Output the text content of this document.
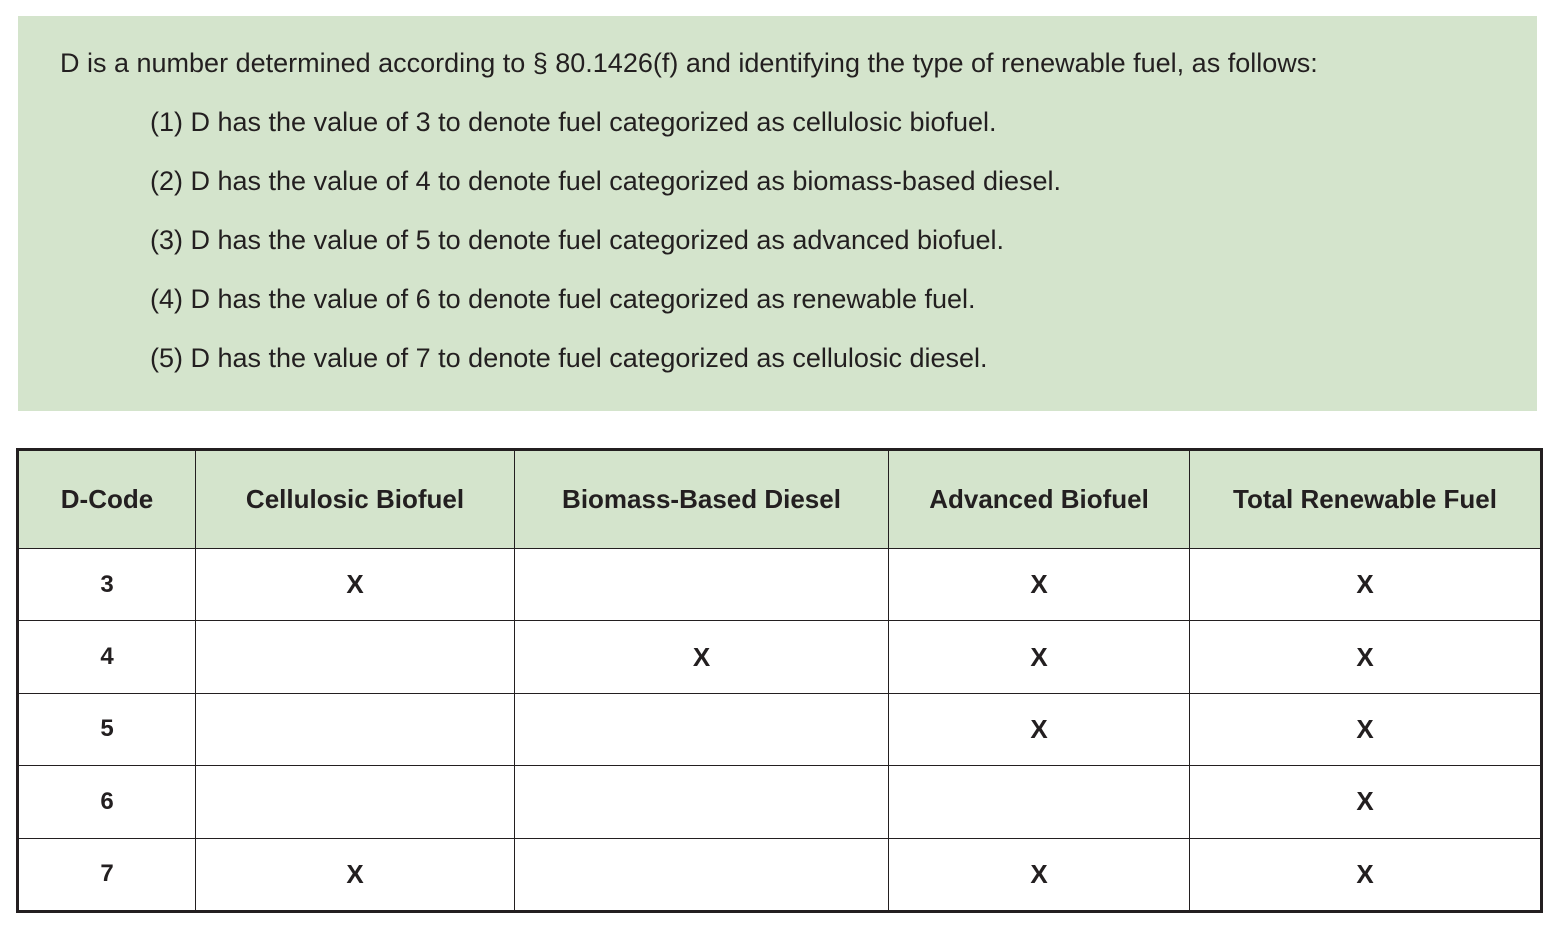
D is a number determined according to § 80.1426(f) and identifying the type of renewable fuel, as follows:

(1) D has the value of 3 to denote fuel categorized as cellulosic biofuel.

(2) D has the value of 4 to denote fuel categorized as biomass-based diesel.

(3) D has the value of 5 to denote fuel categorized as advanced biofuel.

(4) D has the value of 6 to denote fuel categorized as renewable fuel.

(5) D has the value of 7 to denote fuel categorized as cellulosic diesel.

D-Code	Cellulosic Biofuel	Biomass-Based Diesel	Advanced Biofuel	Total Renewable Fuel
3	X		X	X
4		X	X	X
5			X	X
6				X
7	X		X	X
